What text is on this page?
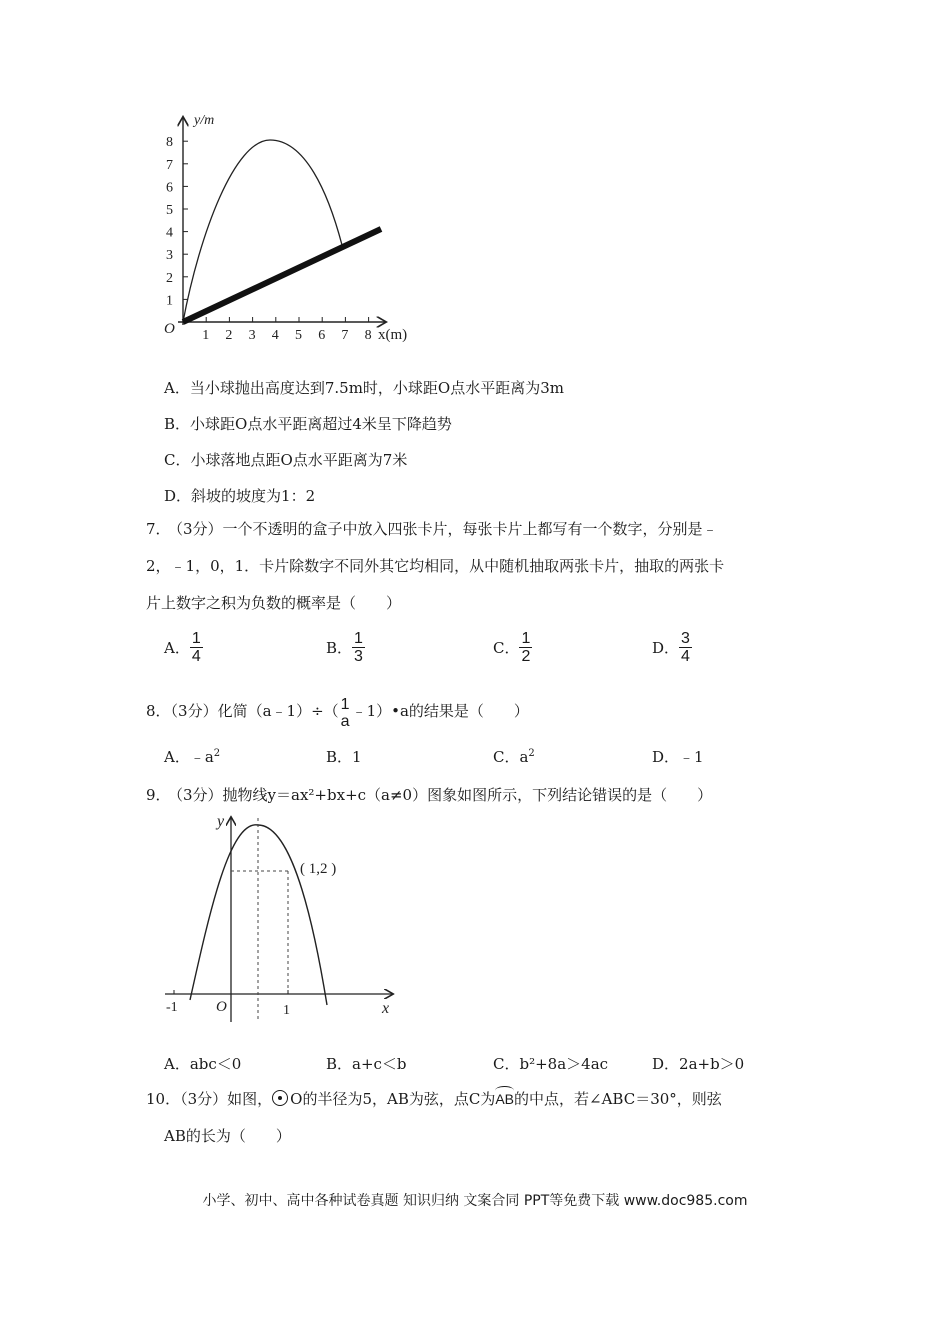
1
2
3
4
5
6
7
8
1 2 3 4 5 6 7 8
y/m
x(m)
O
A．当小球抛出高度达到7.5m时，小球距O点水平距离为3m
B．小球距O点水平距离超过4米呈下降趋势
C．小球落地点距O点水平距离为7米
D．斜坡的坡度为1：2
7．
（3分）一个不透明的盒子中放入四张卡片，每张卡片上都写有一个数字，分别是﹣
2，﹣1，0，1．卡片除数字不同外其它均相同，从中随机抽取两张卡片，抽取的两张卡
片上数字之积为负数的概率是（　　）
A． $\frac{1}{4}$	B． $\frac{1}{3}$	C． $\frac{1}{2}$	D． $\frac{3}{4}$
8．（3分）化简（a﹣1）÷（ 1
a
﹣1）•a的结果是（　　）
A．$﹣a^2$	B．1	C．$a^2$	D．﹣1
9．
（3分）抛物线y＝ax²+bx+c（a≠0）图象如图所示，下列结论错误的是（　　）
y
x
O
-1	1
( 1,2 )
A．abc＜0	B．a+c＜b	C．b²+8a＞4ac	D．2a+b＞0
10．（3分）如图， O的半径为5，AB为弦，点C为AB的中点，若∠ABC＝30°，则弦
AB的长为（　　）
小学、初中、高中各种试卷真题 知识归纳 文案合同 PPT等免费下载 www.doc985.com
